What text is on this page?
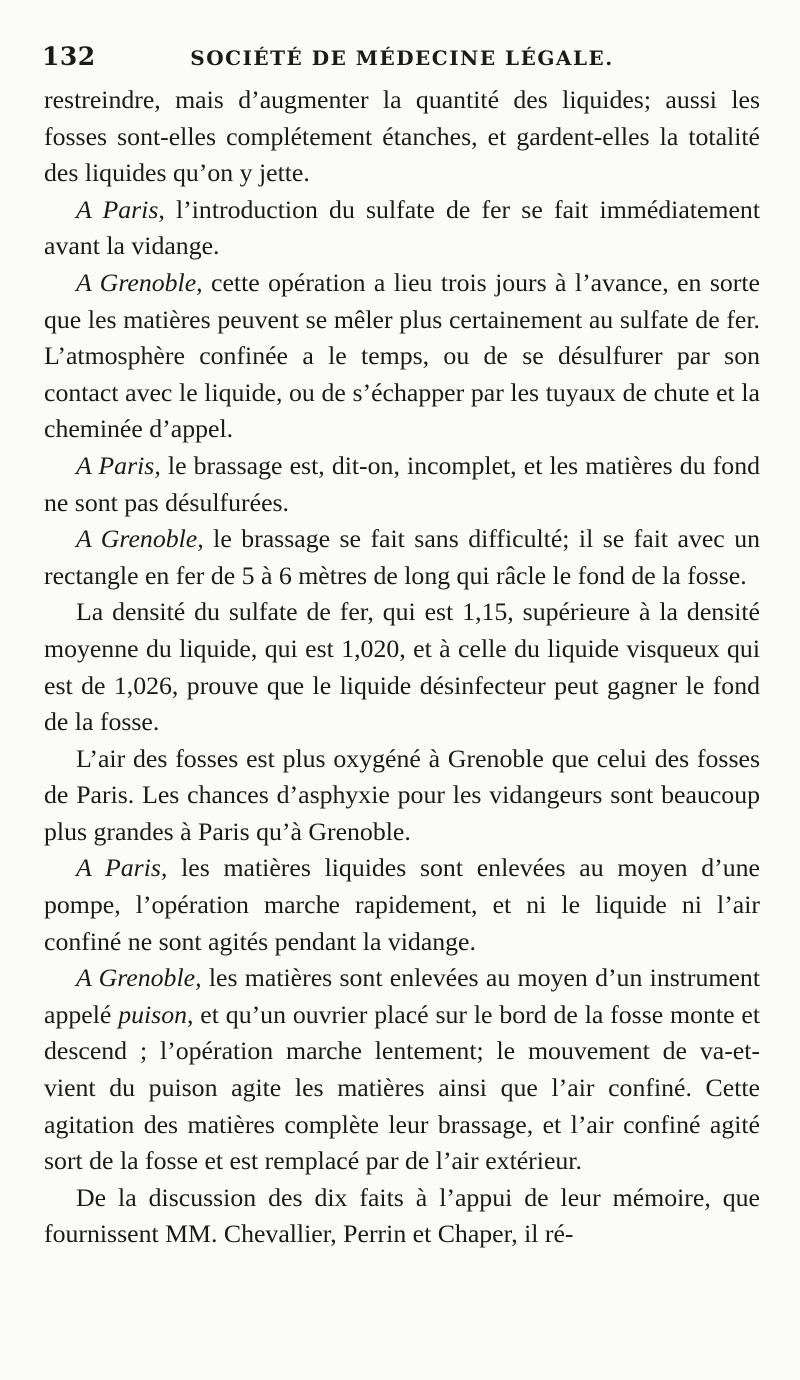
132	SOCIÉTÉ DE MÉDECINE LÉGALE.

restreindre, mais d’augmenter la quantité des liquides; aussi les fosses sont-elles complétement étanches, et gardent-elles la totalité des liquides qu’on y jette.

A Paris, l’introduction du sulfate de fer se fait immédiatement avant la vidange.

A Grenoble, cette opération a lieu trois jours à l’avance, en sorte que les matières peuvent se mêler plus certainement au sulfate de fer. L’atmosphère confinée a le temps, ou de se désulfurer par son contact avec le liquide, ou de s’échapper par les tuyaux de chute et la cheminée d’appel.

A Paris, le brassage est, dit-on, incomplet, et les matières du fond ne sont pas désulfurées.

A Grenoble, le brassage se fait sans difficulté; il se fait avec un rectangle en fer de 5 à 6 mètres de long qui râcle le fond de la fosse.

La densité du sulfate de fer, qui est 1,15, supérieure à la densité moyenne du liquide, qui est 1,020, et à celle du liquide visqueux qui est de 1,026, prouve que le liquide désinfecteur peut gagner le fond de la fosse.

L’air des fosses est plus oxygéné à Grenoble que celui des fosses de Paris. Les chances d’asphyxie pour les vidangeurs sont beaucoup plus grandes à Paris qu’à Grenoble.

A Paris, les matières liquides sont enlevées au moyen d’une pompe, l’opération marche rapidement, et ni le liquide ni l’air confiné ne sont agités pendant la vidange.

A Grenoble, les matières sont enlevées au moyen d’un instrument appelé puison, et qu’un ouvrier placé sur le bord de la fosse monte et descend ; l’opération marche lentement; le mouvement de va-et-vient du puison agite les matières ainsi que l’air confiné. Cette agitation des matières complète leur brassage, et l’air confiné agité sort de la fosse et est remplacé par de l’air extérieur.

De la discussion des dix faits à l’appui de leur mémoire, que fournissent MM. Chevallier, Perrin et Chaper, il ré-
